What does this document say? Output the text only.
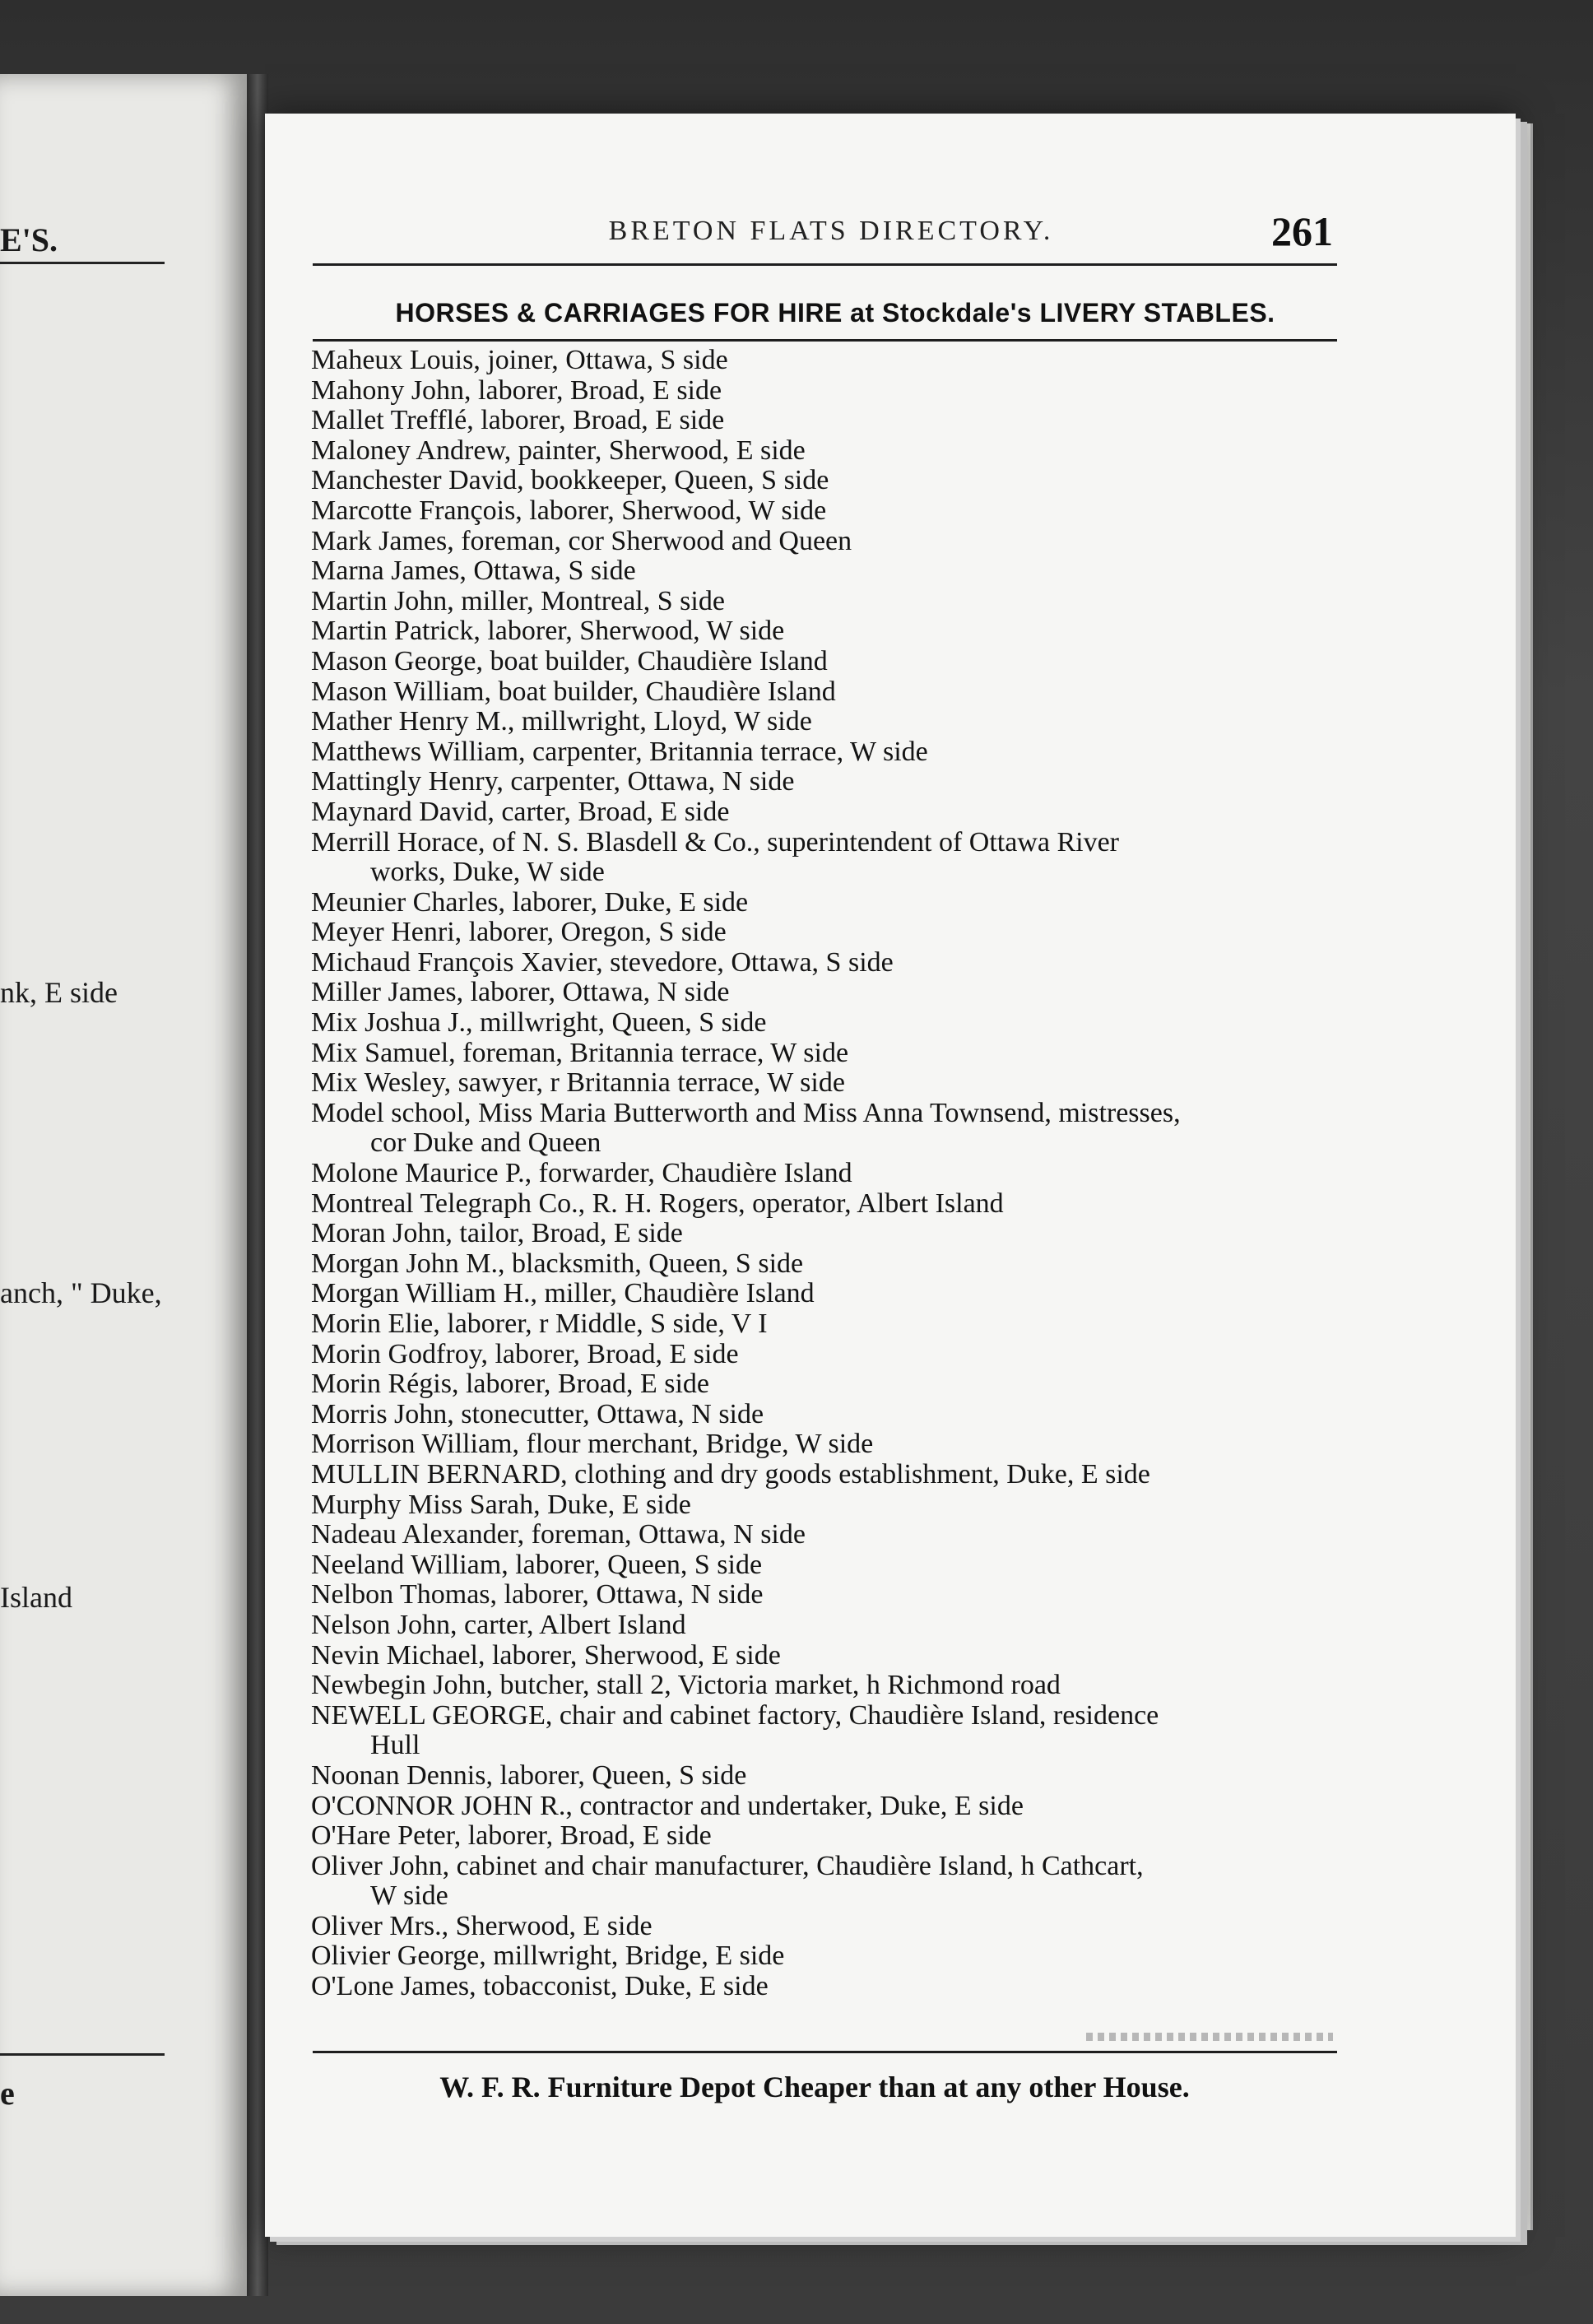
E'S.
nk, E side
anch, " Duke,
Island
e
BRETON FLATS DIRECTORY.	261
HORSES & CARRIAGES FOR HIRE at Stockdale's LIVERY STABLES.
Maheux Louis, joiner, Ottawa, S side
Mahony John, laborer, Broad, E side
Mallet Trefflé, laborer, Broad, E side
Maloney Andrew, painter, Sherwood, E side
Manchester David, bookkeeper, Queen, S side
Marcotte François, laborer, Sherwood, W side
Mark James, foreman, cor Sherwood and Queen
Marna James, Ottawa, S side
Martin John, miller, Montreal, S side
Martin Patrick, laborer, Sherwood, W side
Mason George, boat builder, Chaudière Island
Mason William, boat builder, Chaudière Island
Mather Henry M., millwright, Lloyd, W side
Matthews William, carpenter, Britannia terrace, W side
Mattingly Henry, carpenter, Ottawa, N side
Maynard David, carter, Broad, E side
Merrill Horace, of N. S. Blasdell & Co., superintendent of Ottawa River
works, Duke, W side
Meunier Charles, laborer, Duke, E side
Meyer Henri, laborer, Oregon, S side
Michaud François Xavier, stevedore, Ottawa, S side
Miller James, laborer, Ottawa, N side
Mix Joshua J., millwright, Queen, S side
Mix Samuel, foreman, Britannia terrace, W side
Mix Wesley, sawyer, r Britannia terrace, W side
Model school, Miss Maria Butterworth and Miss Anna Townsend, mistresses,
cor Duke and Queen
Molone Maurice P., forwarder, Chaudière Island
Montreal Telegraph Co., R. H. Rogers, operator, Albert Island
Moran John, tailor, Broad, E side
Morgan John M., blacksmith, Queen, S side
Morgan William H., miller, Chaudière Island
Morin Elie, laborer, r Middle, S side, V I
Morin Godfroy, laborer, Broad, E side
Morin Régis, laborer, Broad, E side
Morris John, stonecutter, Ottawa, N side
Morrison William, flour merchant, Bridge, W side
MULLIN BERNARD, clothing and dry goods establishment, Duke, E side
Murphy Miss Sarah, Duke, E side
Nadeau Alexander, foreman, Ottawa, N side
Neeland William, laborer, Queen, S side
Nelbon Thomas, laborer, Ottawa, N side
Nelson John, carter, Albert Island
Nevin Michael, laborer, Sherwood, E side
Newbegin John, butcher, stall 2, Victoria market, h Richmond road
NEWELL GEORGE, chair and cabinet factory, Chaudière Island, residence
Hull
Noonan Dennis, laborer, Queen, S side
O'CONNOR JOHN R., contractor and undertaker, Duke, E side
O'Hare Peter, laborer, Broad, E side
Oliver John, cabinet and chair manufacturer, Chaudière Island, h Cathcart,
W side
Oliver Mrs., Sherwood, E side
Olivier George, millwright, Bridge, E side
O'Lone James, tobacconist, Duke, E side
W. F. R. Furniture Depot Cheaper than at any other House.
